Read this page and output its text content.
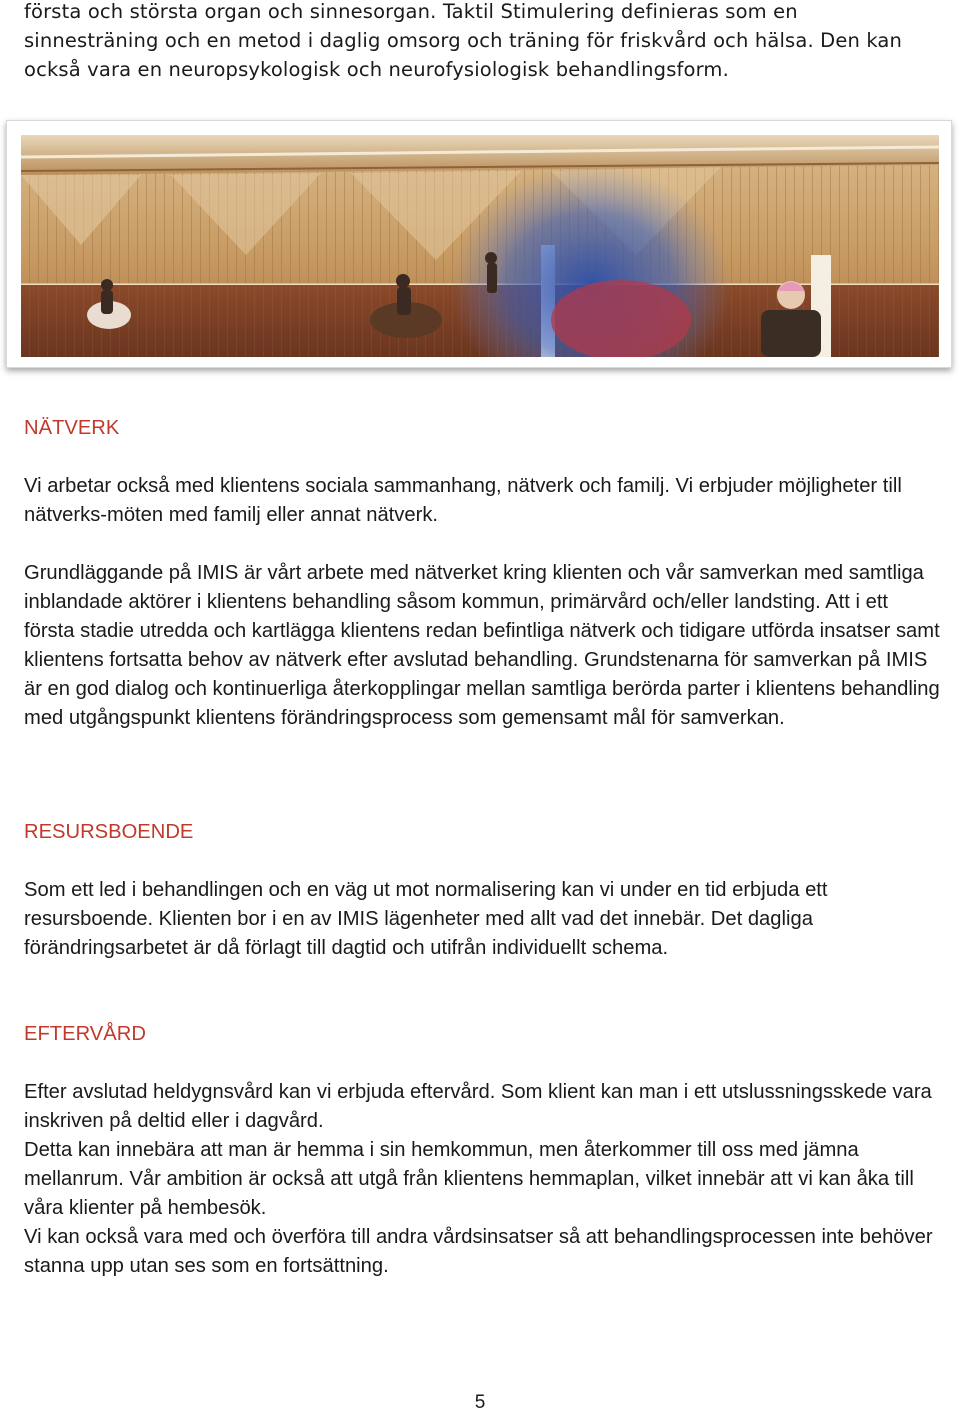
första och största organ och sinnesorgan. Taktil Stimulering definieras som en

sinnesträning och en metod i daglig omsorg och träning för friskvård och hälsa. Den kan

också vara en neuropsykologisk och neurofysiologisk behandlingsform.

NÄTVERK

Vi arbetar också med klientens sociala sammanhang, nätverk och familj. Vi erbjuder möjligheter till nätverks-möten med familj eller annat nätverk.

Grundläggande på IMIS är vårt arbete med nätverket kring klienten och vår samverkan med samtliga inblandade aktörer i klientens behandling såsom kommun, primärvård och/eller landsting. Att i ett första stadie utredda och kartlägga klientens redan befintliga nätverk och tidigare utförda insatser samt klientens fortsatta behov av nätverk efter avslutad behandling. Grundstenarna för samverkan på IMIS är en god dialog och kontinuerliga återkopplingar mellan samtliga berörda parter i klientens behandling med utgångspunkt klientens förändringsprocess som gemensamt mål för samverkan.

RESURSBOENDE

Som ett led i behandlingen och en väg ut mot normalisering kan vi under en tid erbjuda ett resursboende. Klienten bor i en av IMIS lägenheter med allt vad det innebär. Det dagliga förändringsarbetet är då förlagt till dagtid och utifrån individuellt schema.

EFTERVÅRD

Efter avslutad heldygnsvård kan vi erbjuda eftervård. Som klient kan man i ett utslussningsskede vara inskriven på deltid eller i dagvård.

Detta kan innebära att man är hemma i sin hemkommun, men återkommer till oss med jämna mellanrum. Vår ambition är också att utgå från klientens hemmaplan, vilket innebär att vi kan åka till våra klienter på hembesök.

Vi kan också vara med och överföra till andra vårdsinsatser så att behandlingsprocessen inte behöver stanna upp utan ses som en fortsättning.

5
